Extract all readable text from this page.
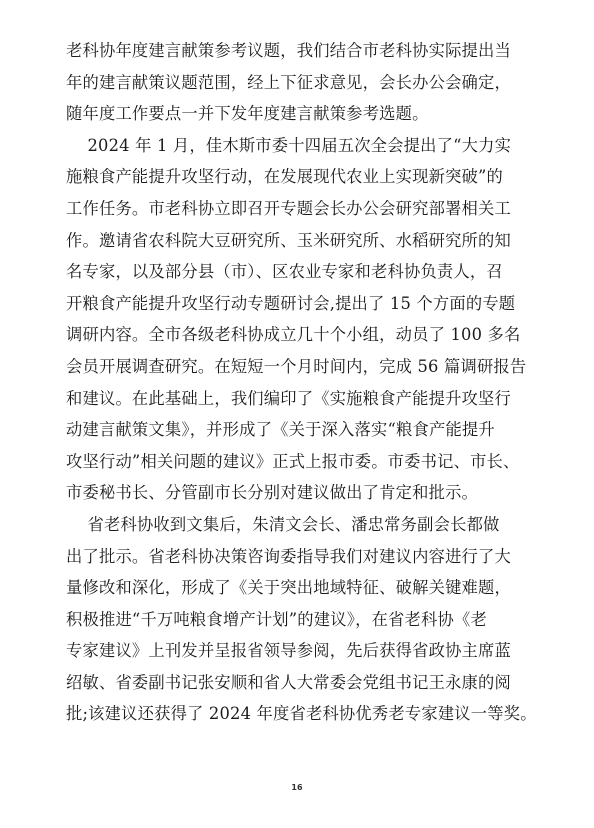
老科协年度建言献策参考议题，我们结合市老科协实际提出当
年的建言献策议题范围，经上下征求意见，会长办公会确定，
随年度工作要点一并下发年度建言献策参考选题。
2024 年 1 月，佳木斯市委十四届五次全会提出了“大力实
施粮食产能提升攻坚行动，在发展现代农业上实现新突破”的
工作任务。市老科协立即召开专题会长办公会研究部署相关工
作。邀请省农科院大豆研究所、玉米研究所、水稻研究所的知
名专家，以及部分县（市）、区农业专家和老科协负责人，召
开粮食产能提升攻坚行动专题研讨会,提出了 15 个方面的专题
调研内容。全市各级老科协成立几十个小组，动员了 100 多名
会员开展调查研究。在短短一个月时间内，完成 56 篇调研报告
和建议。在此基础上，我们编印了《实施粮食产能提升攻坚行
动建言献策文集》，并形成了《关于深入落实“粮食产能提升
攻坚行动”相关问题的建议》正式上报市委。市委书记、市长、
市委秘书长、分管副市长分别对建议做出了肯定和批示。
省老科协收到文集后，朱清文会长、潘忠常务副会长都做
出了批示。省老科协决策咨询委指导我们对建议内容进行了大
量修改和深化，形成了《关于突出地域特征、破解关键难题，
积极推进“千万吨粮食增产计划”的建议》，在省老科协《老
专家建议》上刊发并呈报省领导参阅，先后获得省政协主席蓝
绍敏、省委副书记张安顺和省人大常委会党组书记王永康的阅
批;该建议还获得了 2024 年度省老科协优秀老专家建议一等奖。
16
